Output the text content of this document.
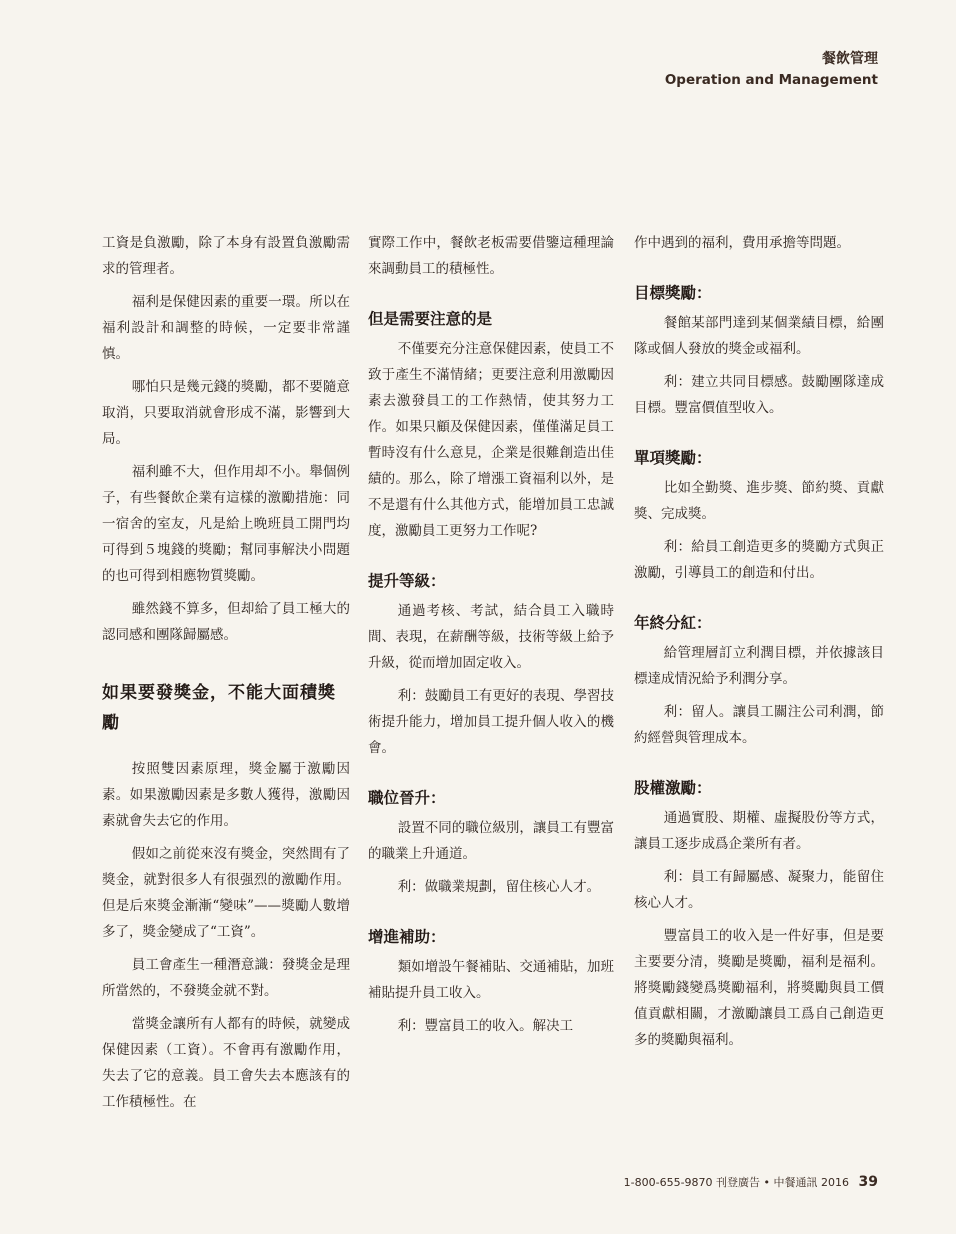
餐飲管理
Operation and Management

工資是負激勵，除了本身有設置負激勵需求的管理者。

福利是保健因素的重要一環。所以在福利設計和調整的時候，一定要非常謹慎。

哪怕只是幾元錢的獎勵，都不要隨意取消，只要取消就會形成不滿，影響到大局。

福利雖不大，但作用却不小。舉個例子，有些餐飲企業有這樣的激勵措施：同一宿舍的室友，凡是給上晚班員工開門均可得到５塊錢的獎勵；幫同事解決小問題的也可得到相應物質獎勵。

雖然錢不算多，但却給了員工極大的認同感和團隊歸屬感。

如果要發獎金，不能大面積獎勵

按照雙因素原理，獎金屬于激勵因素。如果激勵因素是多數人獲得，激勵因素就會失去它的作用。

假如之前從來沒有獎金，突然間有了獎金，就對很多人有很强烈的激勵作用。但是后來獎金漸漸“變味”——獎勵人數增多了，獎金變成了“工資”。

員工會產生一種潛意識：發獎金是理所當然的，不發獎金就不對。

當獎金讓所有人都有的時候，就變成保健因素（工資）。不會再有激勵作用，失去了它的意義。員工會失去本應該有的工作積極性。在

實際工作中，餐飲老板需要借鑒這種理論來調動員工的積極性。

但是需要注意的是

不僅要充分注意保健因素，使員工不致于產生不滿情緒；更要注意利用激勵因素去激發員工的工作熱情，使其努力工作。如果只顧及保健因素，僅僅滿足員工暫時沒有什么意見，企業是很難創造出佳績的。那么，除了增漲工資福利以外，是不是還有什么其他方式，能增加員工忠誠度，激勵員工更努力工作呢?

提升等級：

通過考核、考試，結合員工入職時間、表現，在薪酬等級，技術等級上給予升級，從而增加固定收入。

利：鼓勵員工有更好的表現、學習技術提升能力，增加員工提升個人收入的機會。

職位晉升：

設置不同的職位級別，讓員工有豐富的職業上升通道。

利：做職業規劃，留住核心人才。

增進補助：

類如增設午餐補貼、交通補貼，加班補貼提升員工收入。

利：豐富員工的收入。解决工

作中遇到的福利，費用承擔等問題。

目標獎勵：

餐館某部門達到某個業績目標，給團隊或個人發放的獎金或福利。

利：建立共同目標感。鼓勵團隊達成目標。豐富價值型收入。

單項獎勵：

比如全勤獎、進步獎、節約獎、貢獻獎、完成獎。

利：給員工創造更多的獎勵方式與正激勵，引導員工的創造和付出。

年終分紅：

給管理層訂立利潤目標，并依據該目標達成情況給予利潤分享。

利：留人。讓員工關注公司利潤，節約經營與管理成本。

股權激勵：

通過實股、期權、虛擬股份等方式，讓員工逐步成爲企業所有者。

利：員工有歸屬感、凝聚力，能留住核心人才。

豐富員工的收入是一件好事，但是要主要要分清，獎勵是獎勵，福利是福利。將獎勵錢變爲獎勵福利，將獎勵與員工價值貢獻相關，才激勵讓員工爲自己創造更多的獎勵與福利。

1-800-655-9870 刊登廣告 • 中餐通訊 2016 39
